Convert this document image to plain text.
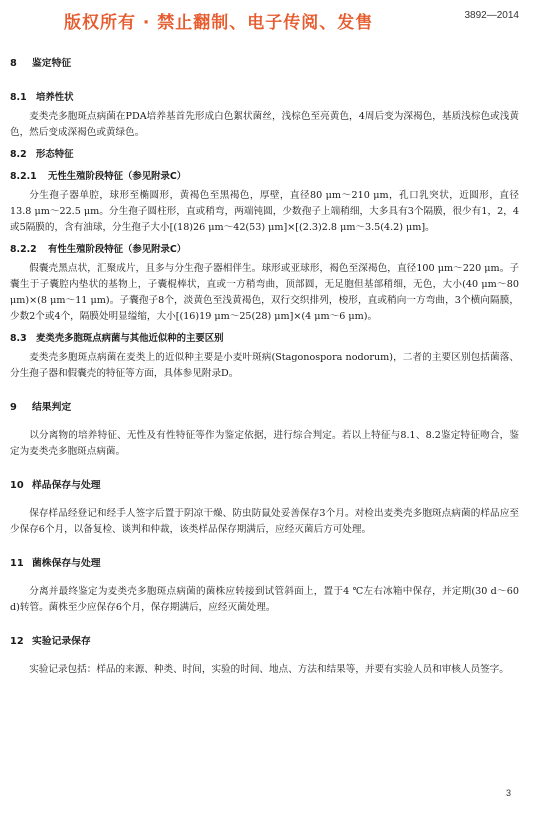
版权所有 · 禁止翻制、电子传阅、发售	3892—2014
8 鉴定特征
8.1 培养性状

麦类壳多胞斑点病菌在PDA培养基首先形成白色絮状菌丝，浅棕色至亮黄色，4周后变为深褐色，基质浅棕色或浅黄色，然后变成深褐色或黄绿色。

8.2 形态特征
8.2.1 无性生殖阶段特征（参见附录C）

分生孢子器单腔，球形至椭圆形，黄褐色至黑褐色，厚壁，直径80 μm～210 μm，孔口乳突状，近圆形，直径13.8 μm～22.5 μm。分生孢子圆柱形，直或稍弯，两端钝圆，少数孢子上端稍细，大多具有3个隔膜，很少有1，2，4或5隔膜的，含有油球，分生孢子大小[(18)26 μm～42(53) μm]×[(2.3)2.8 μm～3.5(4.2) μm]。

8.2.2 有性生殖阶段特征（参见附录C）

假囊壳黑点状，汇聚成片，且多与分生孢子器相伴生。球形或亚球形，褐色至深褐色，直径100 μm～220 μm。子囊生于子囊腔内垫状的基物上，子囊棍棒状，直或一方稍弯曲，顶部圆，无足胞但基部稍细，无色，大小(40 μm～80 μm)×(8 μm～11 μm)。子囊孢子8个，淡黄色至浅黄褐色，双行交织排列，梭形，直或稍向一方弯曲，3个横向隔膜，少数2个或4个，隔膜处明显缢缩，大小[(16)19 μm～25(28) μm]×(4 μm～6 μm)。

8.3 麦类壳多胞斑点病菌与其他近似种的主要区别

麦类壳多胞斑点病菌在麦类上的近似种主要是小麦叶斑病(Stagonospora nodorum)，二者的主要区别包括菌落、分生孢子器和假囊壳的特征等方面，具体参见附录D。

9 结果判定

以分离物的培养特征、无性及有性特征等作为鉴定依据，进行综合判定。若以上特征与8.1、8.2鉴定特征吻合，鉴定为麦类壳多胞斑点病菌。

10 样品保存与处理

保存样品经登记和经手人签字后置于阴凉干燥、防虫防鼠处妥善保存3个月。对检出麦类壳多胞斑点病菌的样品应至少保存6个月，以备复检、谈判和仲裁，该类样品保存期满后，应经灭菌后方可处理。

11 菌株保存与处理

分离并最终鉴定为麦类壳多胞斑点病菌的菌株应转接到试管斜面上，置于4 ℃左右冰箱中保存，并定期(30 d～60 d)转管。菌株至少应保存6个月，保存期满后，应经灭菌处理。

12 实验记录保存

实验记录包括：样品的来源、种类、时间，实验的时间、地点、方法和结果等，并要有实验人员和审核人员签字。

3
